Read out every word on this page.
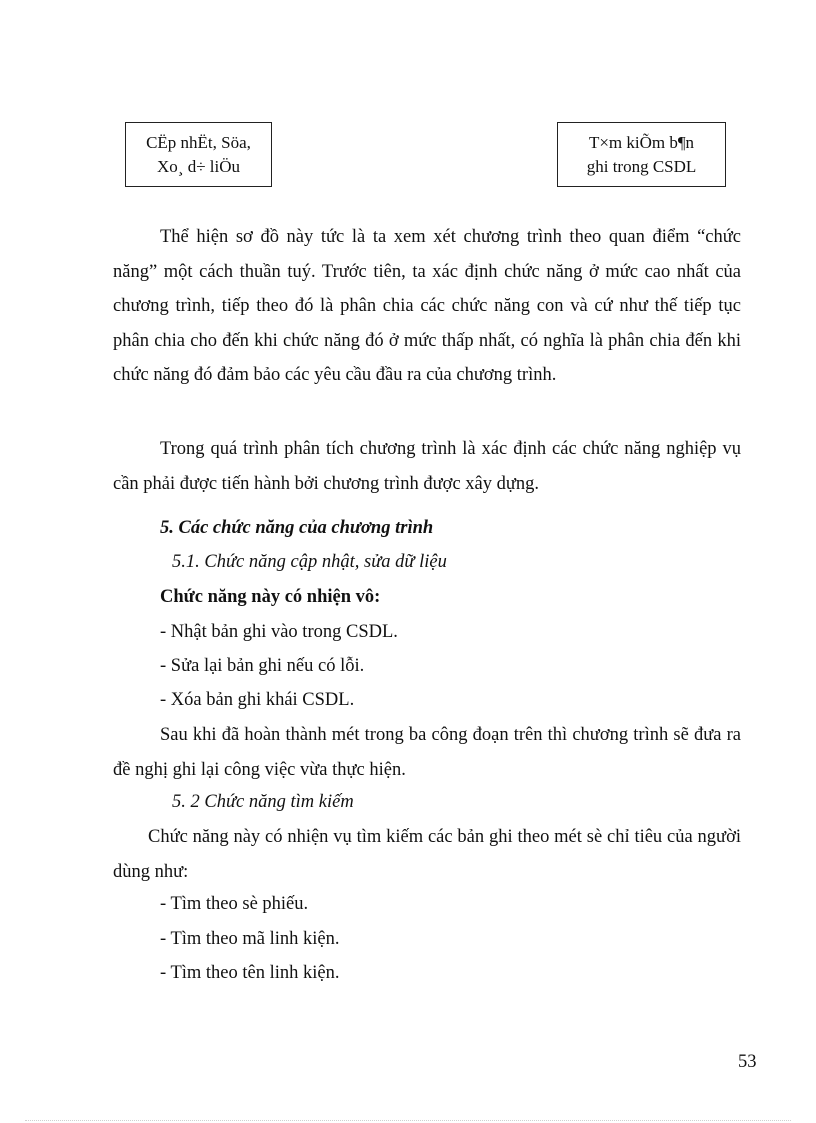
CËp nhËt, Söa,
Xo¸ d÷ liÖu
T×m kiÕm b¶n
ghi trong CSDL

Thể hiện sơ đồ này tức là ta xem xét chương trình theo quan điểm “chức năng” một cách thuần tuý. Trước tiên, ta xác định chức năng ở mức cao nhất của chương trình, tiếp theo đó là phân chia các chức năng con và cứ như thế tiếp tục phân chia cho đến khi chức năng đó ở mức thấp nhất, có nghĩa là phân chia đến khi chức năng đó đảm bảo các yêu cầu đầu ra của chương trình.

Trong quá trình phân tích chương trình là xác định các chức năng nghiệp vụ cần phải được tiến hành bởi chương trình được xây dựng.

5. Các chức năng của chương trình

5.1. Chức năng cập nhật, sửa dữ liệu

Chức năng này có nhiện vô:

- Nhật bản ghi vào trong CSDL.

- Sửa lại bản ghi nếu có lỗi.

- Xóa bản ghi khái CSDL.

Sau khi đã hoàn thành mét trong ba công đoạn trên thì chương trình sẽ đưa ra đề nghị ghi lại công việc vừa thực hiện.

5. 2 Chức năng tìm kiếm

Chức năng này có nhiện vụ tìm kiếm các bản ghi theo mét sè chỉ tiêu của người dùng như:

- Tìm theo sè phiếu.

- Tìm theo mã linh kiện.

- Tìm theo tên linh kiện.

53
